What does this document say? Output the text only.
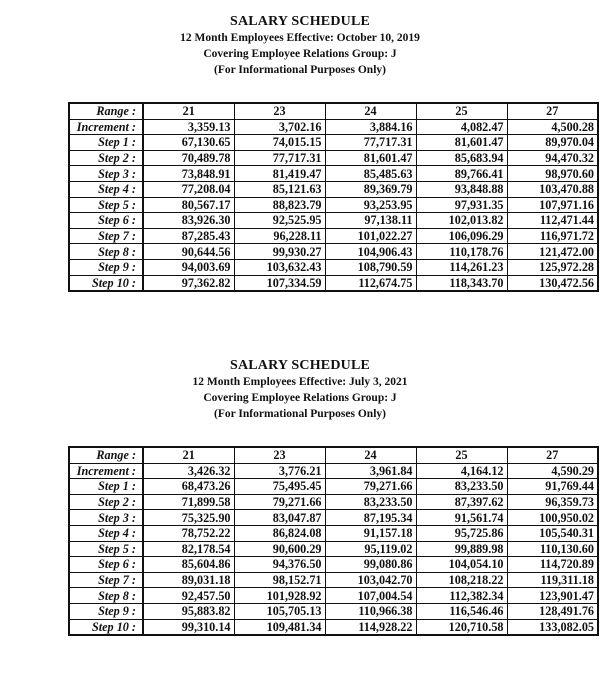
SALARY SCHEDULE
12 Month Employees Effective: October 10, 2019
Covering Employee Relations Group: J
(For Informational Purposes Only)
Range :	21	23	24	25	27
Increment :	3,359.13	3,702.16	3,884.16	4,082.47	4,500.28
Step 1 :	67,130.65	74,015.15	77,717.31	81,601.47	89,970.04
Step 2 :	70,489.78	77,717.31	81,601.47	85,683.94	94,470.32
Step 3 :	73,848.91	81,419.47	85,485.63	89,766.41	98,970.60
Step 4 :	77,208.04	85,121.63	89,369.79	93,848.88	103,470.88
Step 5 :	80,567.17	88,823.79	93,253.95	97,931.35	107,971.16
Step 6 :	83,926.30	92,525.95	97,138.11	102,013.82	112,471.44
Step 7 :	87,285.43	96,228.11	101,022.27	106,096.29	116,971.72
Step 8 :	90,644.56	99,930.27	104,906.43	110,178.76	121,472.00
Step 9 :	94,003.69	103,632.43	108,790.59	114,261.23	125,972.28
Step 10 :	97,362.82	107,334.59	112,674.75	118,343.70	130,472.56
SALARY SCHEDULE
12 Month Employees Effective: July 3, 2021
Covering Employee Relations Group: J
(For Informational Purposes Only)
Range :	21	23	24	25	27
Increment :	3,426.32	3,776.21	3,961.84	4,164.12	4,590.29
Step 1 :	68,473.26	75,495.45	79,271.66	83,233.50	91,769.44
Step 2 :	71,899.58	79,271.66	83,233.50	87,397.62	96,359.73
Step 3 :	75,325.90	83,047.87	87,195.34	91,561.74	100,950.02
Step 4 :	78,752.22	86,824.08	91,157.18	95,725.86	105,540.31
Step 5 :	82,178.54	90,600.29	95,119.02	99,889.98	110,130.60
Step 6 :	85,604.86	94,376.50	99,080.86	104,054.10	114,720.89
Step 7 :	89,031.18	98,152.71	103,042.70	108,218.22	119,311.18
Step 8 :	92,457.50	101,928.92	107,004.54	112,382.34	123,901.47
Step 9 :	95,883.82	105,705.13	110,966.38	116,546.46	128,491.76
Step 10 :	99,310.14	109,481.34	114,928.22	120,710.58	133,082.05
